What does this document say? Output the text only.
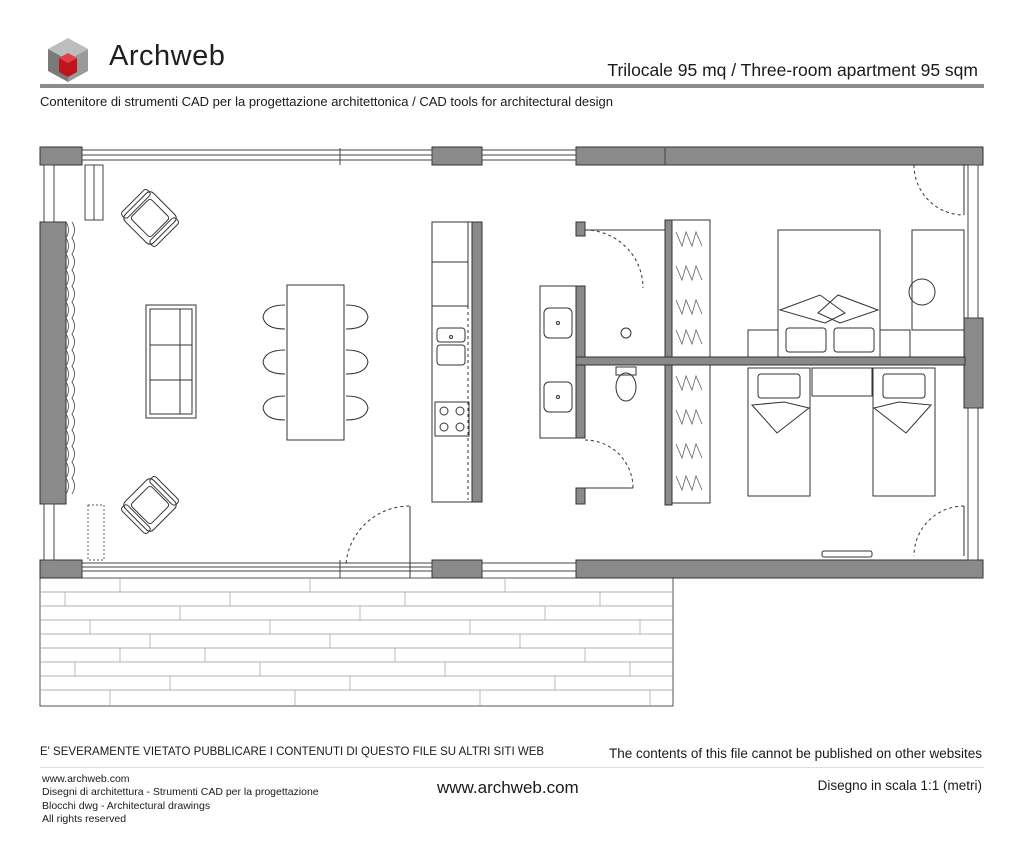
Archweb	Trilocale 95 mq / Three-room apartment 95 sqm
Contenitore di strumenti CAD per la progettazione architettonica / CAD tools for architectural design
E' SEVERAMENTE VIETATO PUBBLICARE I CONTENUTI DI QUESTO FILE SU ALTRI SITI WEB	The contents of this file cannot be published on other websites
www.archweb.com
Disegni di architettura - Strumenti CAD per la progettazione
Blocchi dwg - Architectural drawings
All rights reserved
www.archweb.com	Disegno in scala 1:1 (metri)
